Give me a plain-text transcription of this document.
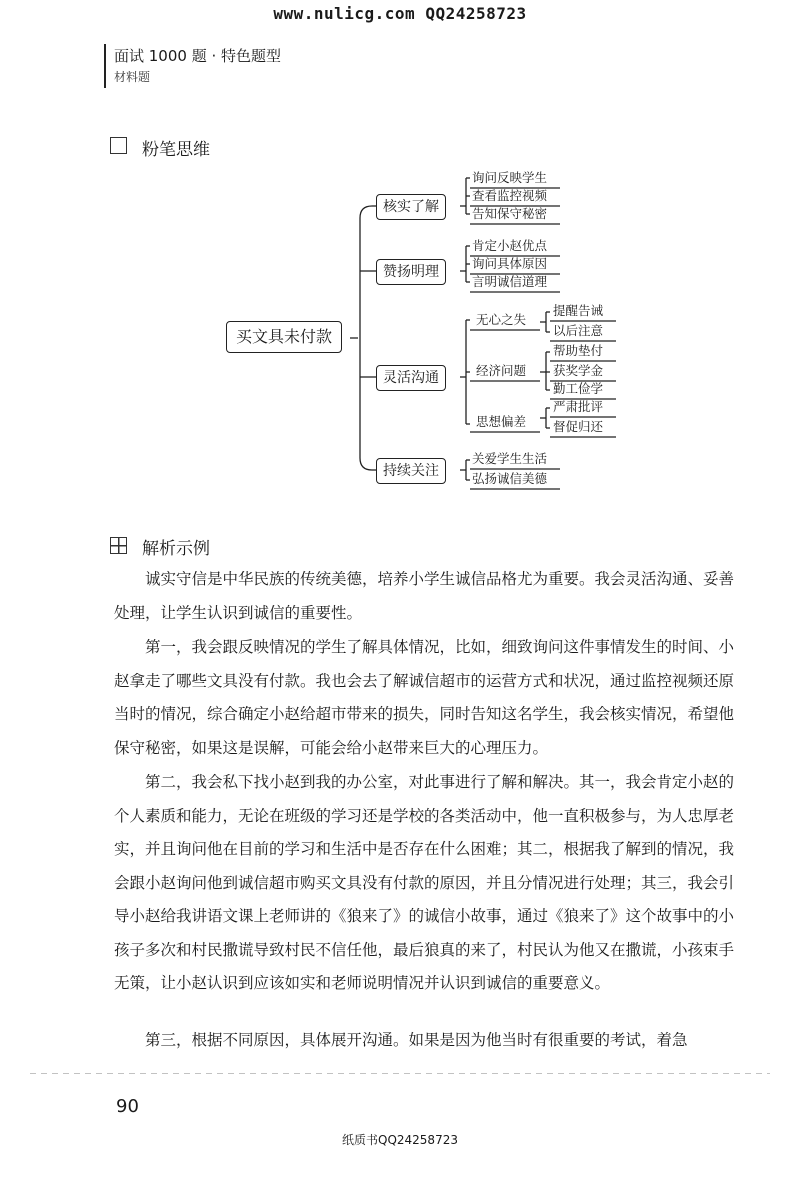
www.nulicg.com QQ24258723
面试 1000 题 · 特色题型
材料题
粉笔思维
买文具未付款
核实了解
赞扬明理
灵活沟通
持续关注
询问反映学生
查看监控视频
告知保守秘密
肯定小赵优点
询问具体原因
言明诚信道理
无心之失
经济问题
思想偏差
提醒告诫
以后注意
帮助垫付
获奖学金
勤工俭学
严肃批评
督促归还
关爱学生生活
弘扬诚信美德
解析示例
诚实守信是中华民族的传统美德，培养小学生诚信品格尤为重要。我会灵活沟通、妥善处理，让学生认识到诚信的重要性。
第一，我会跟反映情况的学生了解具体情况，比如，细致询问这件事情发生的时间、小赵拿走了哪些文具没有付款。我也会去了解诚信超市的运营方式和状况，通过监控视频还原当时的情况，综合确定小赵给超市带来的损失，同时告知这名学生，我会核实情况，希望他保守秘密，如果这是误解，可能会给小赵带来巨大的心理压力。
第二，我会私下找小赵到我的办公室，对此事进行了解和解决。其一，我会肯定小赵的个人素质和能力，无论在班级的学习还是学校的各类活动中，他一直积极参与，为人忠厚老实，并且询问他在目前的学习和生活中是否存在什么困难；其二，根据我了解到的情况，我会跟小赵询问他到诚信超市购买文具没有付款的原因，并且分情况进行处理；其三，我会引导小赵给我讲语文课上老师讲的《狼来了》的诚信小故事，通过《狼来了》这个故事中的小孩子多次和村民撒谎导致村民不信任他，最后狼真的来了，村民认为他又在撒谎，小孩束手无策，让小赵认识到应该如实和老师说明情况并认识到诚信的重要意义。
第三，根据不同原因，具体展开沟通。如果是因为他当时有很重要的考试，着急
90
纸质书QQ24258723
